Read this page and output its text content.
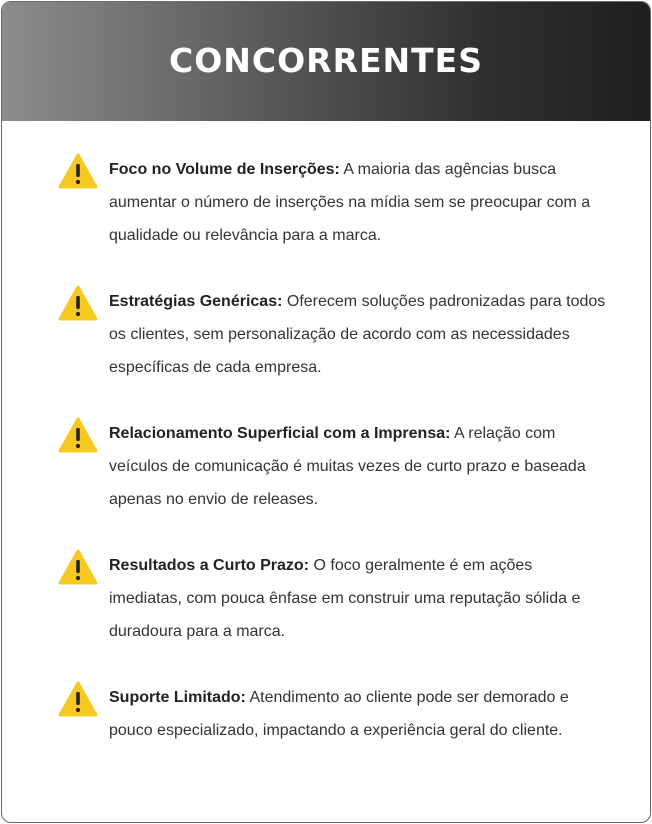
CONCORRENTES
Foco no Volume de Inserções: A maioria das agências busca aumentar o número de inserções na mídia sem se preocupar com a qualidade ou relevância para a marca.
Estratégias Genéricas: Oferecem soluções padronizadas para todos os clientes, sem personalização de acordo com as necessidades específicas de cada empresa.
Relacionamento Superficial com a Imprensa: A relação com veículos de comunicação é muitas vezes de curto prazo e baseada apenas no envio de releases.
Resultados a Curto Prazo: O foco geralmente é em ações imediatas, com pouca ênfase em construir uma reputação sólida e duradoura para a marca.
Suporte Limitado: Atendimento ao cliente pode ser demorado e pouco especializado, impactando a experiência geral do cliente.
